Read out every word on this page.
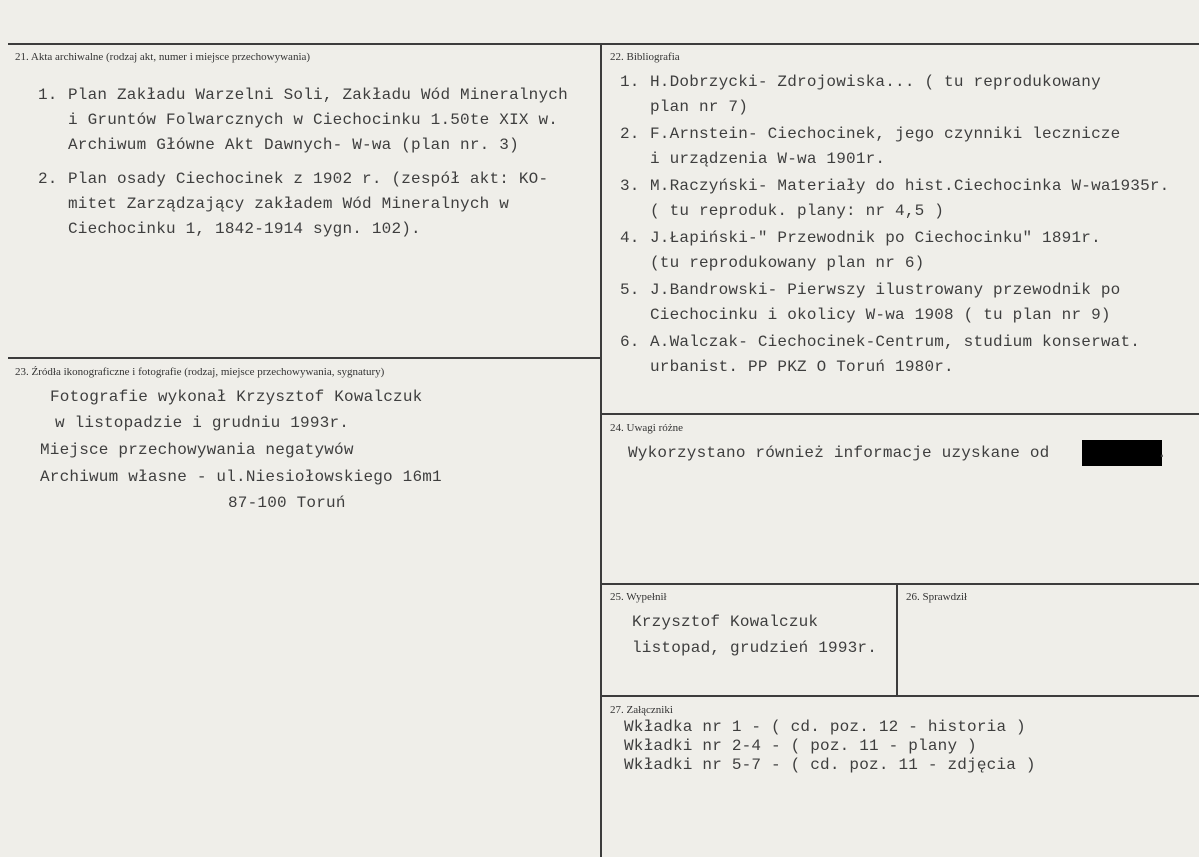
21. Akta archiwalne (rodzaj akt, numer i miejsce przechowywania)
1. Plan Zakładu Warzelni Soli, Zakładu Wód Mineralnych
i Gruntów Folwarcznych w Ciechocinku 1.50te XIX w.
Archiwum Główne Akt Dawnych- W-wa (plan nr. 3)
2. Plan osady Ciechocinek z 1902 r. (zespół akt: KO-
mitet Zarządzający zakładem Wód Mineralnych w
Ciechocinku 1, 1842-1914 sygn. 102).
22. Bibliografia
1. H.Dobrzycki- Zdrojowiska... ( tu reprodukowany
plan nr 7)
2. F.Arnstein- Ciechocinek, jego czynniki lecznicze
i urządzenia W-wa 1901r.
3. M.Raczyński- Materiały do hist.Ciechocinka W-wa1935r.
( tu reproduk. plany: nr 4,5 )
4. J.Łapiński-" Przewodnik po Ciechocinku" 1891r.
(tu reprodukowany plan nr 6)
5. J.Bandrowski- Pierwszy ilustrowany przewodnik po
Ciechocinku i okolicy W-wa 1908 ( tu plan nr 9)
6. A.Walczak- Ciechocinek-Centrum, studium konserwat.
urbanist. PP PKZ O Toruń 1980r.
23. Źródła ikonograficzne i fotografie (rodzaj, miejsce przechowywania, sygnatury)
Fotografie wykonał Krzysztof Kowalczuk
w listopadzie i grudniu 1993r.
Miejsce przechowywania negatywów
Archiwum własne - ul.Niesiołowskiego 16m1
87-100 Toruń
24. Uwagi różne
Wykorzystano również informacje uzyskane od	.
25. Wypełnił
Krzysztof Kowalczuk
listopad, grudzień 1993r.
26. Sprawdził
27. Załączniki
Wkładka nr 1 - ( cd. poz. 12 - historia )
Wkładki nr 2-4 - ( poz. 11 - plany )
Wkładki nr 5-7 - ( cd. poz. 11 - zdjęcia )
